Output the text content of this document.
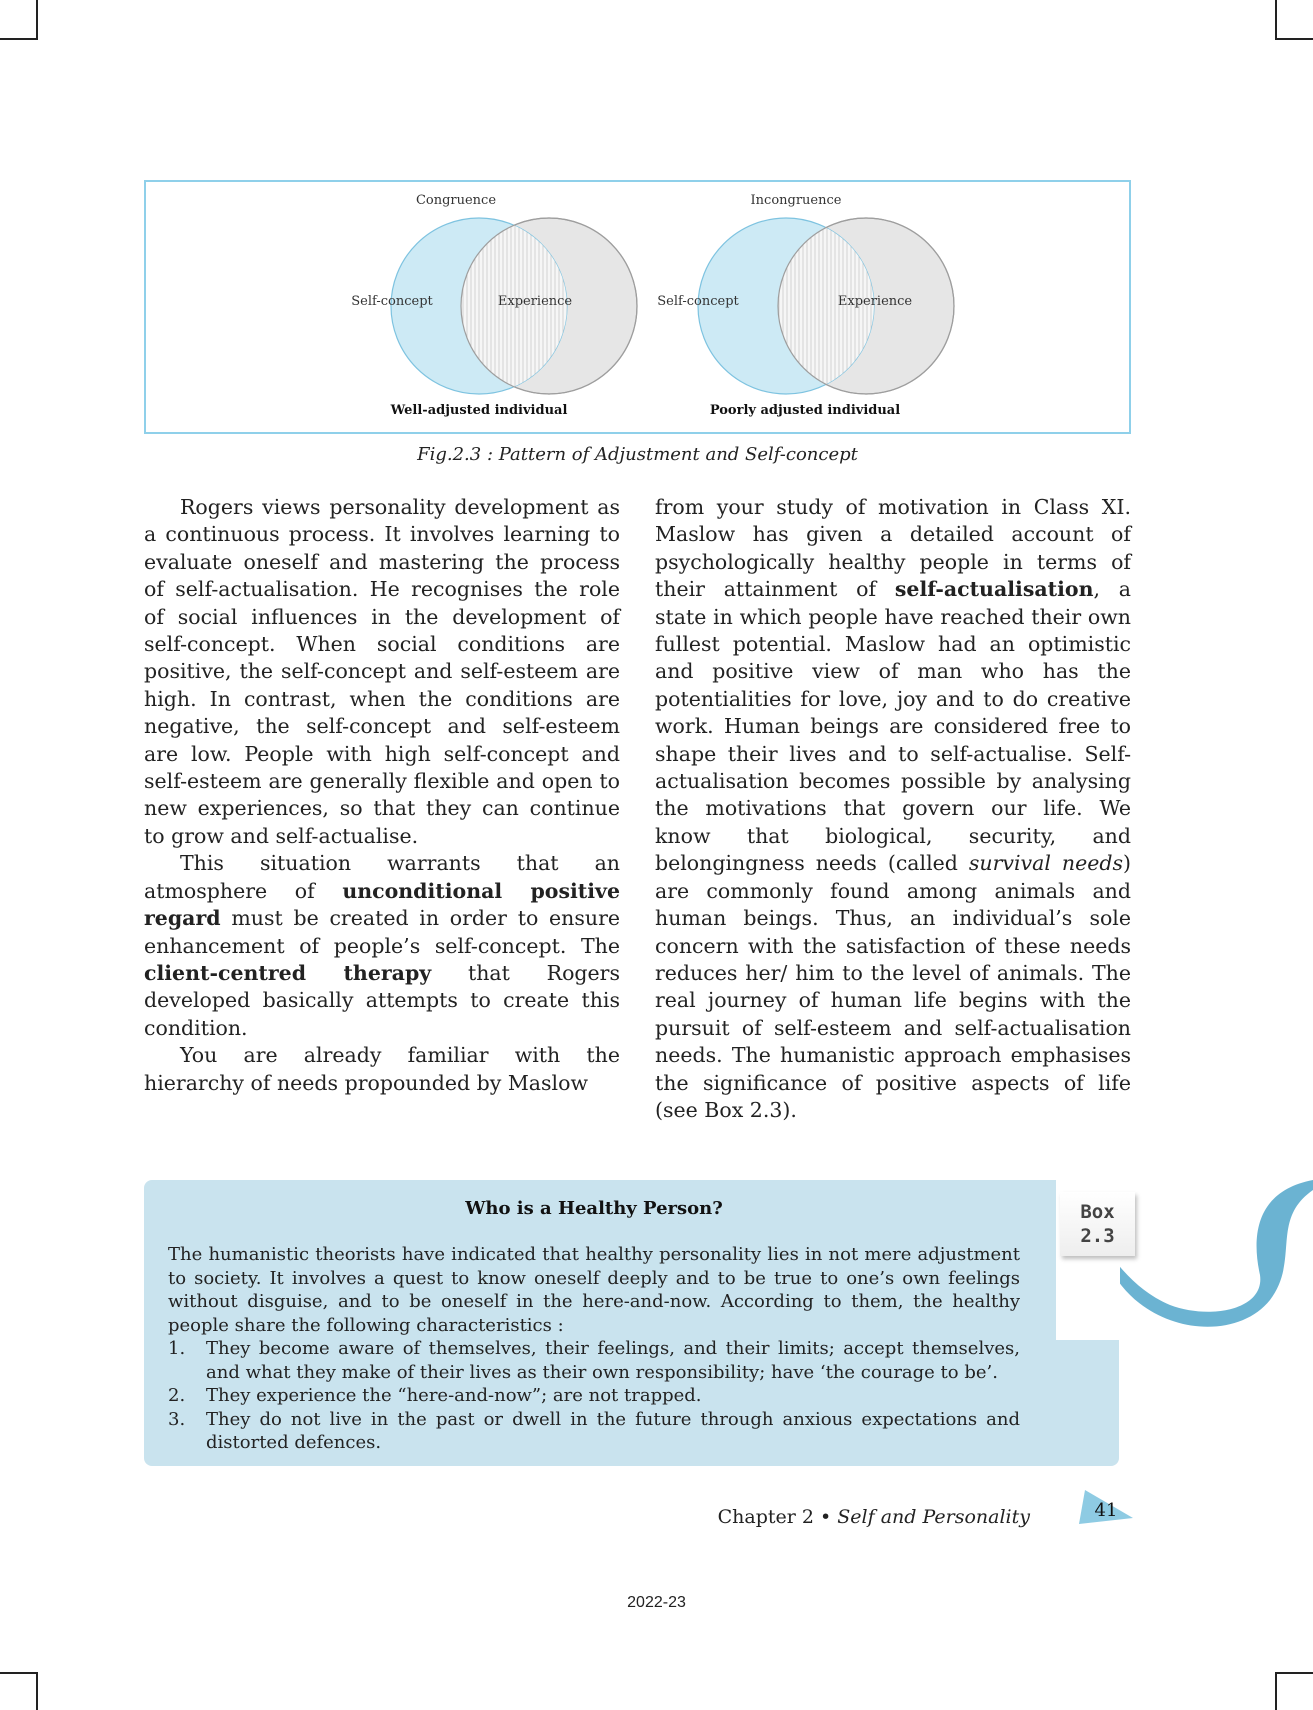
Congruence
Self-concept	Experience
Well-adjusted individual
Incongruence
Self-concept	Experience
Poorly adjusted individual
Fig.2.3 : Pattern of Adjustment and Self-concept

Rogers views personality development as a continuous process. It involves learning to evaluate oneself and mastering the process of self-actualisation. He recognises the role of social influences in the development of self-concept. When social conditions are positive, the self-concept and self-esteem are high. In contrast, when the conditions are negative, the self-concept and self-esteem are low. People with high self-concept and self-esteem are generally flexible and open to new experiences, so that they can continue to grow and self-actualise.

This situation warrants that an atmosphere of unconditional positive regard must be created in order to ensure enhancement of people’s self-concept. The client-centred therapy that Rogers developed basically attempts to create this condition.

You are already familiar with the hierarchy of needs propounded by Maslow

from your study of motivation in Class XI. Maslow has given a detailed account of psychologically healthy people in terms of their attainment of self-actualisation, a state in which people have reached their own fullest potential. Maslow had an optimistic and positive view of man who has the potentialities for love, joy and to do creative work. Human beings are considered free to shape their lives and to self-actualise. Self-actualisation becomes possible by analysing the motivations that govern our life. We know that biological, security, and belongingness needs (called survival needs) are commonly found among animals and human beings. Thus, an individual’s sole concern with the satisfaction of these needs reduces her/ him to the level of animals. The real journey of human life begins with the pursuit of self-esteem and self-actualisation needs. The humanistic approach emphasises the significance of positive aspects of life (see Box 2.3).

Box
2.3
Who is a Healthy Person?

The humanistic theorists have indicated that healthy personality lies in not mere adjustment to society. It involves a quest to know oneself deeply and to be true to one’s own feelings without disguise, and to be oneself in the here-and-now. According to them, the healthy people share the following characteristics :

1. They become aware of themselves, their feelings, and their limits; accept themselves, and what they make of their lives as their own responsibility; have ‘the courage to be’.
2. They experience the “here-and-now”; are not trapped.
3. They do not live in the past or dwell in the future through anxious expectations and distorted defences.
Chapter 2 • Self and Personality	41
2022-23
